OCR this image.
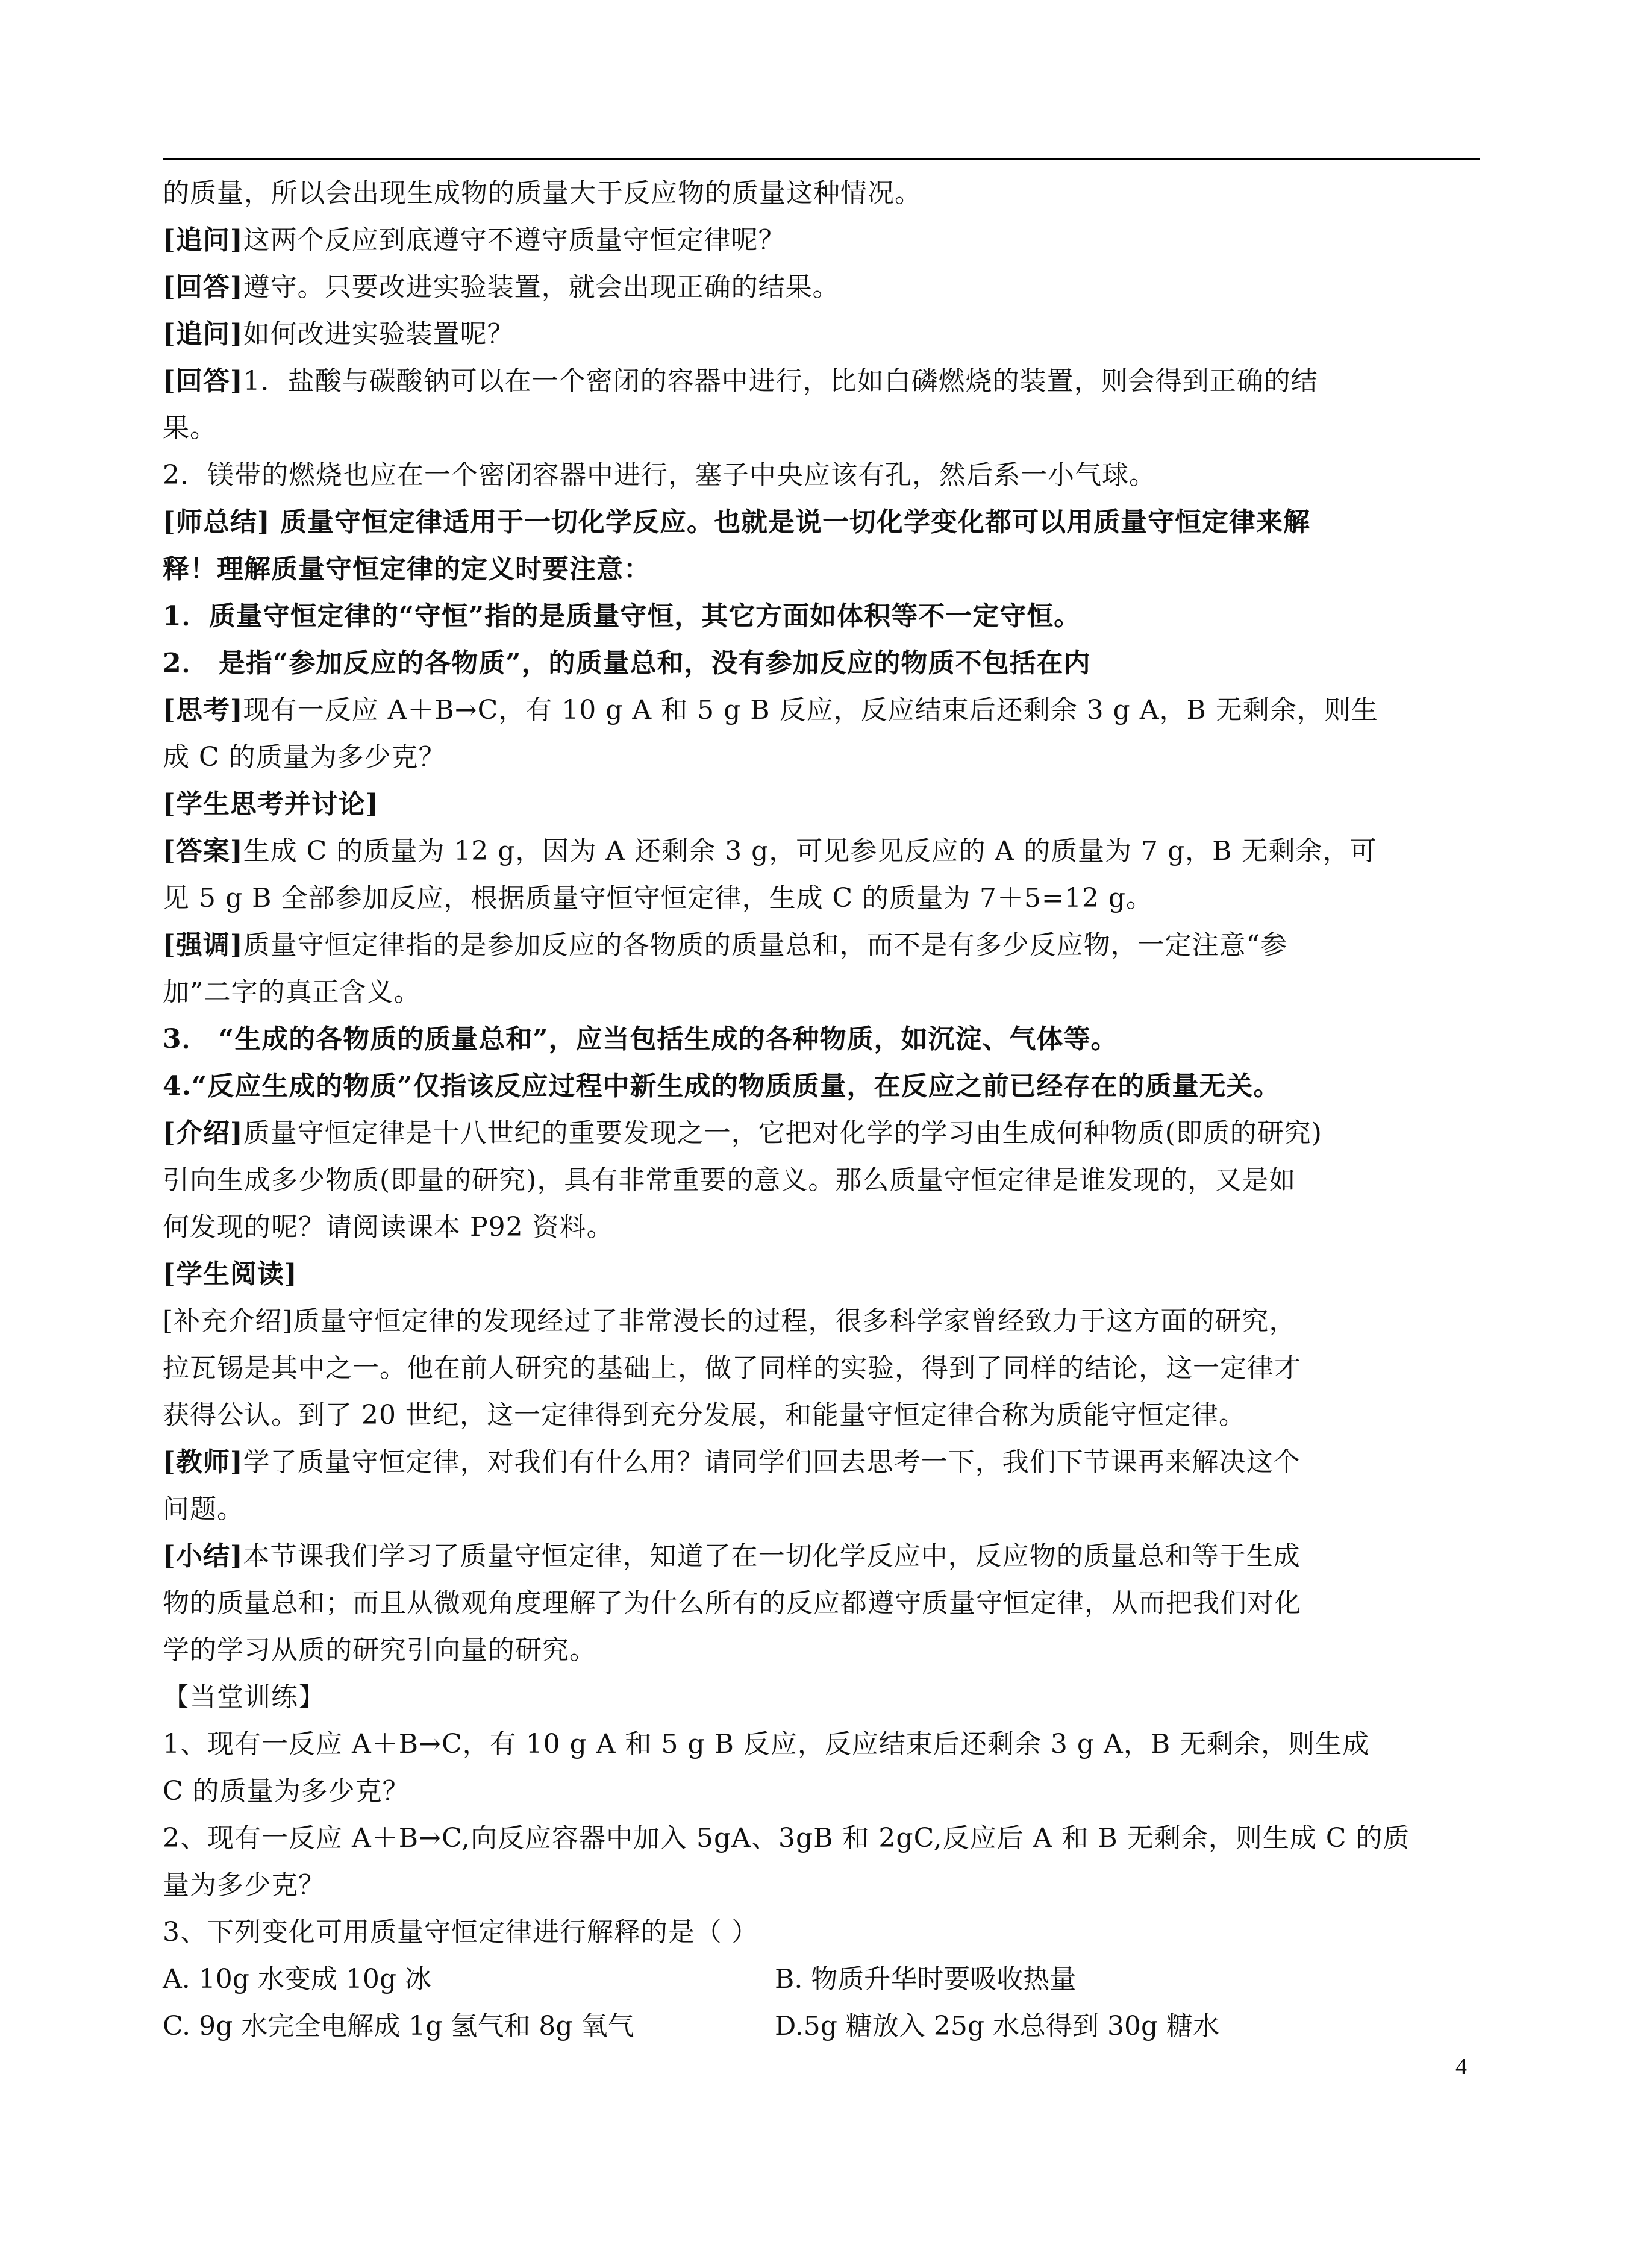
的质量，所以会出现生成物的质量大于反应物的质量这种情况。
[追问]这两个反应到底遵守不遵守质量守恒定律呢？
[回答]遵守。只要改进实验装置，就会出现正确的结果。
[追问]如何改进实验装置呢？
[回答]1．盐酸与碳酸钠可以在一个密闭的容器中进行，比如白磷燃烧的装置，则会得到正确的结
果。
2．镁带的燃烧也应在一个密闭容器中进行，塞子中央应该有孔，然后系一小气球。
[师总结] 质量守恒定律适用于一切化学反应。也就是说一切化学变化都可以用质量守恒定律来解
释！理解质量守恒定律的定义时要注意：
1．质量守恒定律的“守恒”指的是质量守恒，其它方面如体积等不一定守恒。
2． 是指“参加反应的各物质”，的质量总和，没有参加反应的物质不包括在内
[思考]现有一反应 A＋B→C，有 10 g A 和 5 g B 反应，反应结束后还剩余 3 g A，B 无剩余，则生
成 C 的质量为多少克？
[学生思考并讨论]
[答案]生成 C 的质量为 12 g，因为 A 还剩余 3 g，可见参见反应的 A 的质量为 7 g，B 无剩余，可
见 5 g B 全部参加反应，根据质量守恒守恒定律，生成 C 的质量为 7＋5=12 g。
[强调]质量守恒定律指的是参加反应的各物质的质量总和，而不是有多少反应物，一定注意“参
加”二字的真正含义。
3． “生成的各物质的质量总和”，应当包括生成的各种物质，如沉淀、气体等。
4.“反应生成的物质”仅指该反应过程中新生成的物质质量，在反应之前已经存在的质量无关。
[介绍]质量守恒定律是十八世纪的重要发现之一，它把对化学的学习由生成何种物质(即质的研究)
引向生成多少物质(即量的研究)，具有非常重要的意义。那么质量守恒定律是谁发现的，又是如
何发现的呢？请阅读课本 P92 资料。
[学生阅读]
[补充介绍]质量守恒定律的发现经过了非常漫长的过程，很多科学家曾经致力于这方面的研究，
拉瓦锡是其中之一。他在前人研究的基础上，做了同样的实验，得到了同样的结论，这一定律才
获得公认。到了 20 世纪，这一定律得到充分发展，和能量守恒定律合称为质能守恒定律。
[教师]学了质量守恒定律，对我们有什么用？请同学们回去思考一下，我们下节课再来解决这个
问题。
[小结]本节课我们学习了质量守恒定律，知道了在一切化学反应中，反应物的质量总和等于生成
物的质量总和；而且从微观角度理解了为什么所有的反应都遵守质量守恒定律，从而把我们对化
学的学习从质的研究引向量的研究。
【当堂训练】
1、现有一反应 A＋B→C，有 10 g A 和 5 g B 反应，反应结束后还剩余 3 g A，B 无剩余，则生成
C 的质量为多少克？
2、现有一反应 A＋B→C,向反应容器中加入 5gA、3gB 和 2gC,反应后 A 和 B 无剩余，则生成 C 的质
量为多少克？
3、下列变化可用质量守恒定律进行解释的是（ ）
A. 10g 水变成 10g 冰	B. 物质升华时要吸收热量
C. 9g 水完全电解成 1g 氢气和 8g 氧气	D.5g 糖放入 25g 水总得到 30g 糖水
4
